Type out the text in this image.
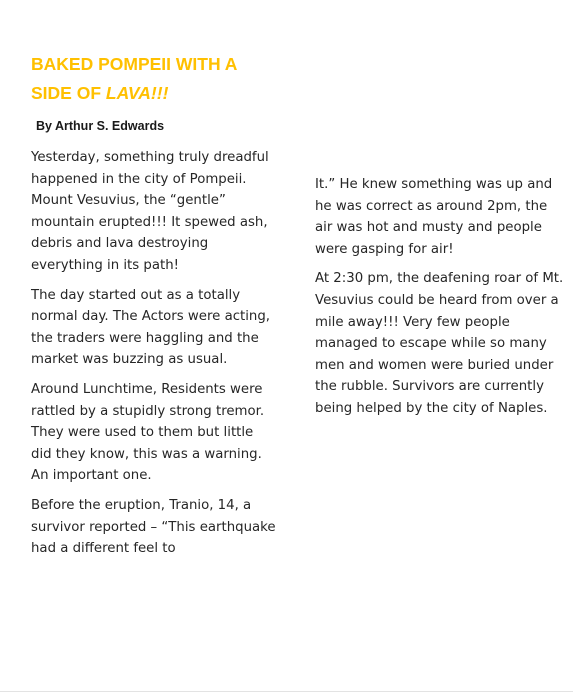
BAKED POMPEII WITH A
SIDE OF LAVA!!!

By Arthur S. Edwards

Yesterday, something truly dreadful happened in the city of Pompeii. Mount Vesuvius, the “gentle” mountain erupted!!! It spewed ash, debris and lava destroying everything in its path!

The day started out as a totally normal day. The Actors were acting, the traders were haggling and the market was buzzing as usual.

Around Lunchtime, Residents were rattled by a stupidly strong tremor. They were used to them but little did they know, this was a warning. An important one.

Before the eruption, Tranio, 14, a survivor reported – “This earthquake had a different feel to

It.” He knew something was up and he was correct as around 2pm, the air was hot and musty and people were gasping for air!

At 2:30 pm, the deafening roar of Mt. Vesuvius could be heard from over a mile away!!! Very few people managed to escape while so many men and women were buried under the rubble. Survivors are currently being helped by the city of Naples.
